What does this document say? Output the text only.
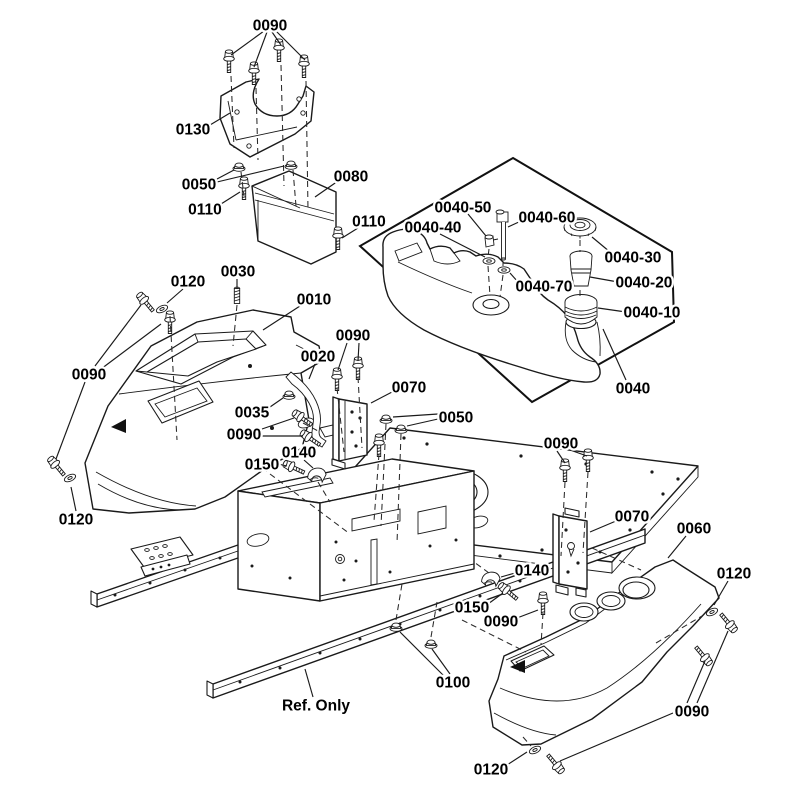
0090
0130
0050
0110
0080
0110
0040-50
0040-60
0040-40
0040-30
0040-70	0040-20
0040-10
0040
0120
0030
0010
0090
0020
0035
0090
0140
0150
0120
0090
0070
0050
0090
0070
0060
0120
0140
0150
0090
0100
Ref. Only	0090
0120
